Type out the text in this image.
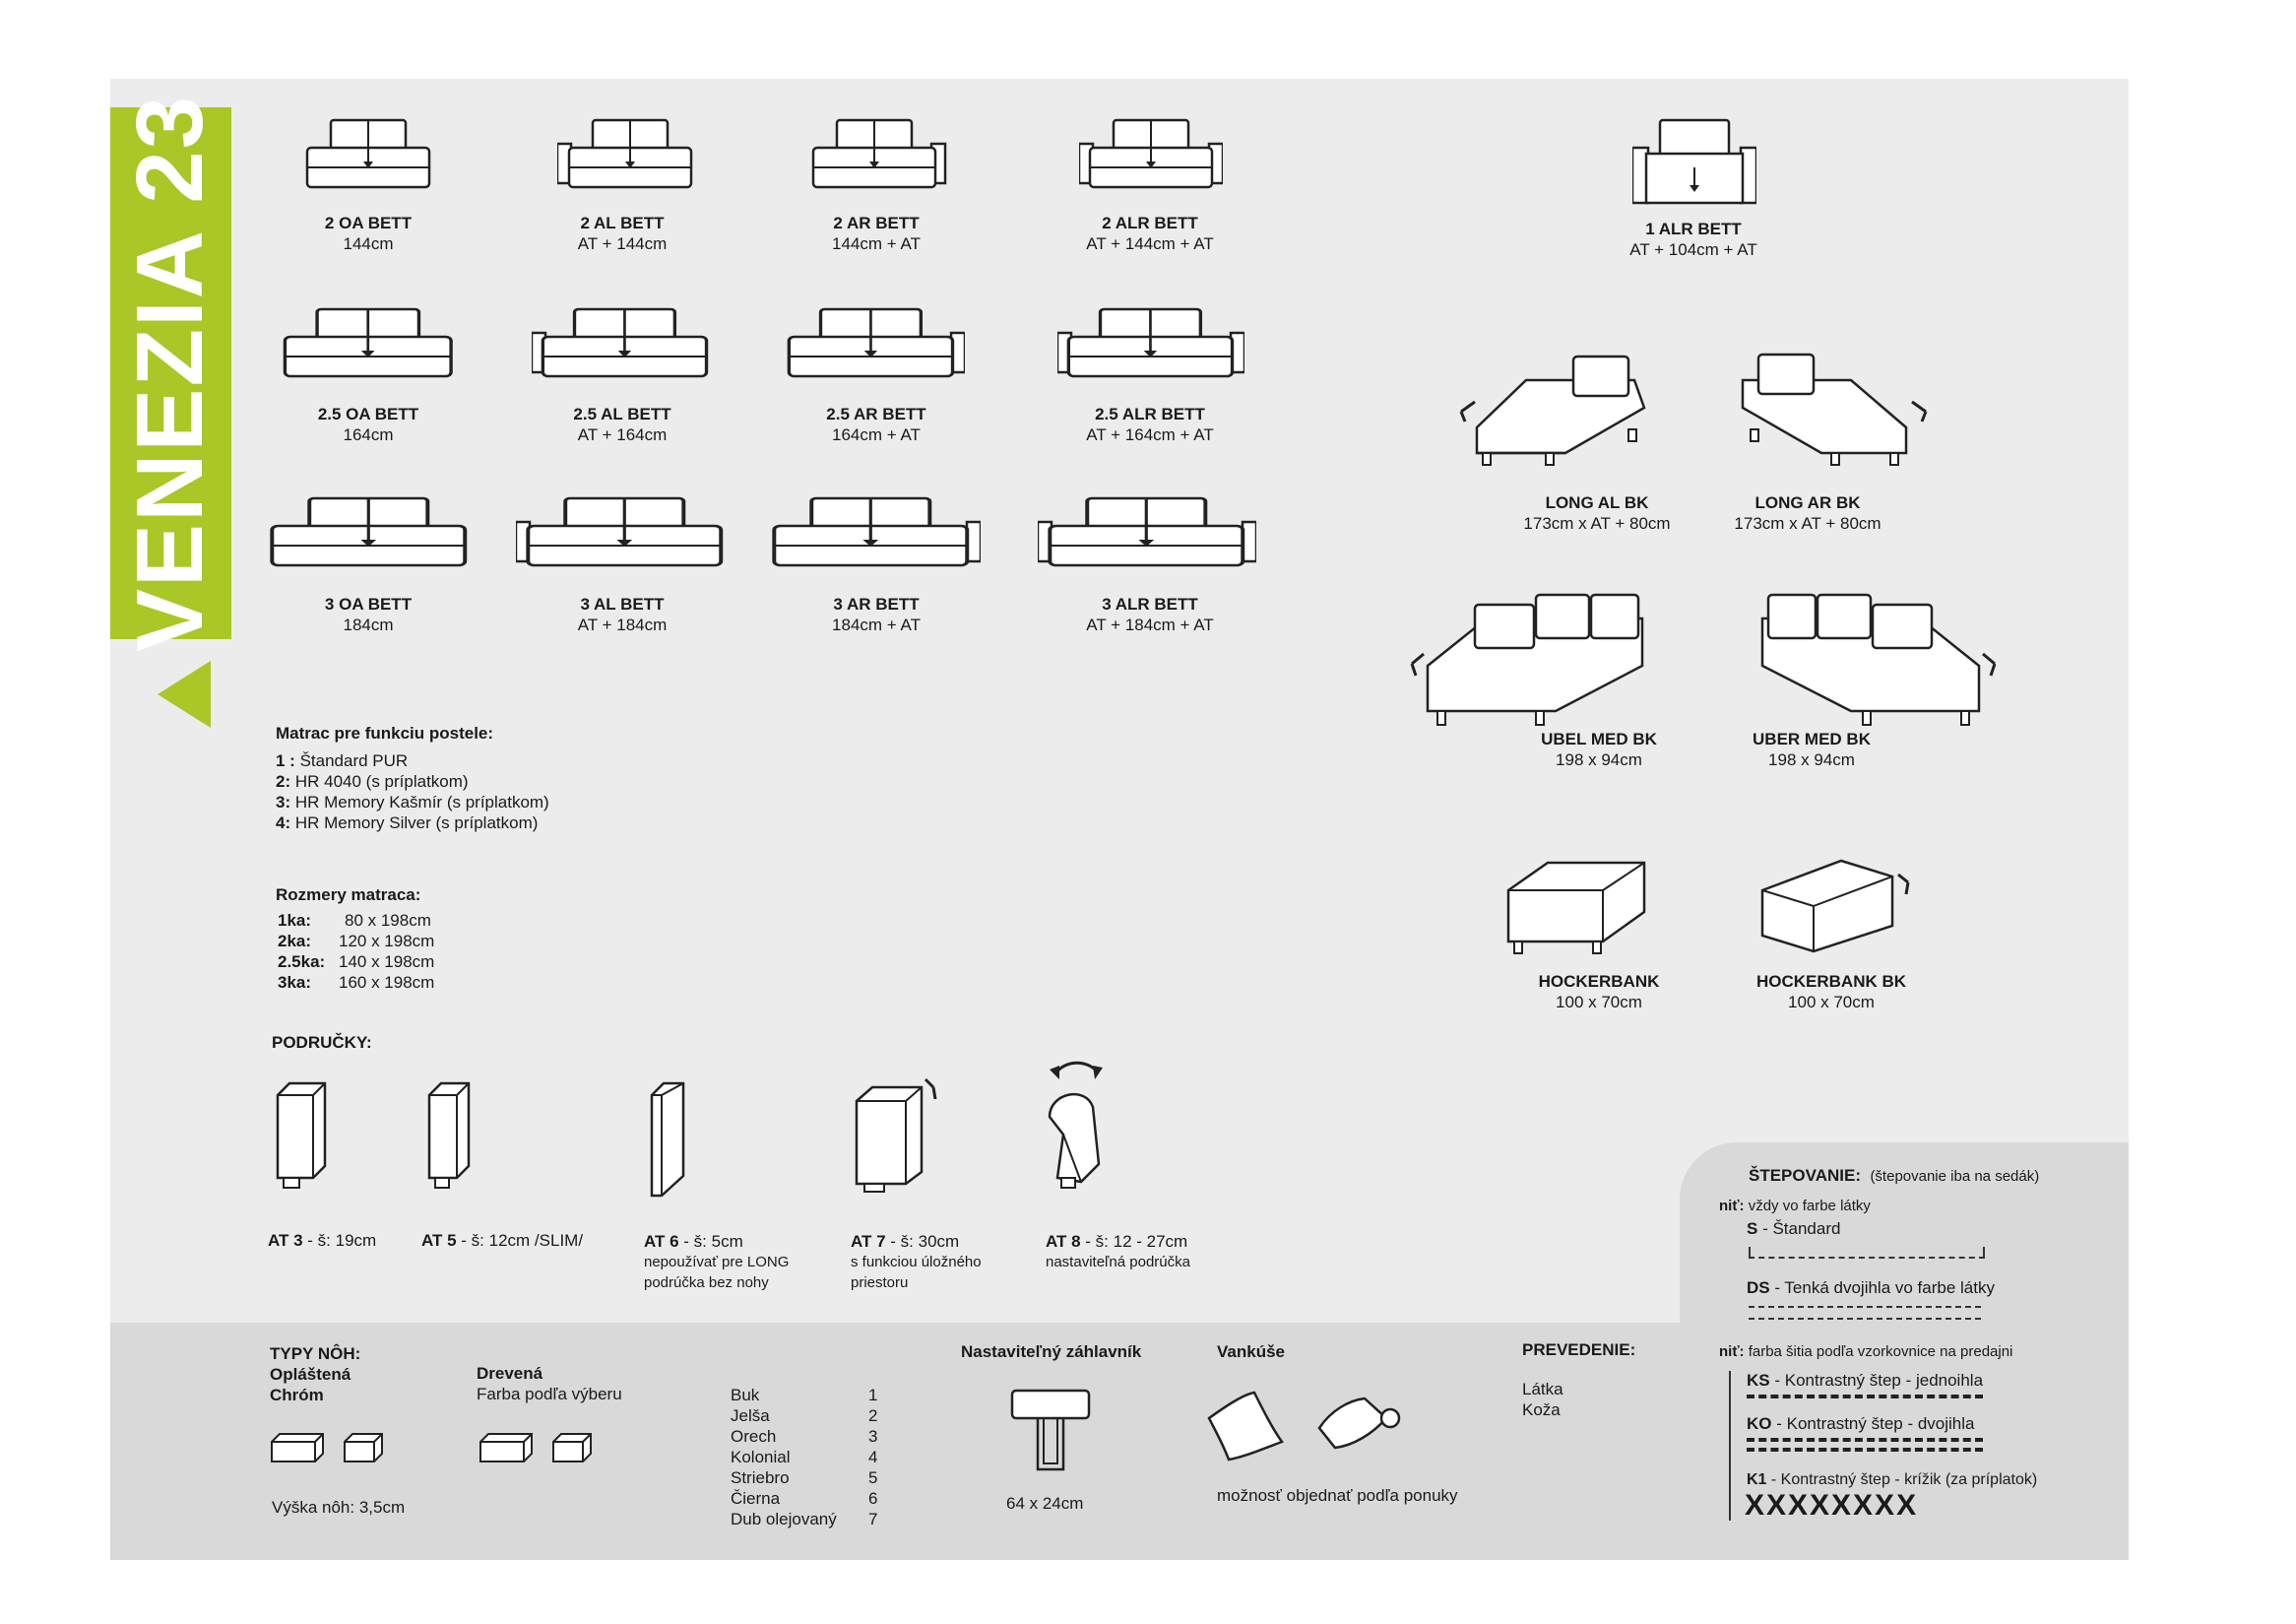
VENEZIA 23	2 OA BETT
144cm
2 AL BETT
AT + 144cm
2 AR BETT
144cm + AT
2 ALR BETT
AT + 144cm + AT
1 ALR BETT
AT + 104cm + AT
2.5 OA BETT
164cm
2.5 AL BETT
AT + 164cm
2.5 AR BETT
164cm + AT
2.5 ALR BETT
AT + 164cm + AT
3 OA BETT
184cm
3 AL BETT
AT + 184cm
3 AR BETT
184cm + AT
3 ALR BETT
AT + 184cm + AT
LONG AL BK
173cm x AT + 80cm
LONG AR BK
173cm x AT + 80cm
UBEL MED BK
198 x 94cm
UBER MED BK
198 x 94cm
HOCKERBANK
100 x 70cm
HOCKERBANK BK
100 x 70cm
Matrac pre funkciu postele:
1 : Štandard PUR
2: HR 4040 (s príplatkom)
3: HR Memory Kašmír (s príplatkom)
4: HR Memory Silver (s príplatkom)
Rozmery matraca:
1ka:	80 x 198cm
2ka:	120 x 198cm
2.5ka: 140 x 198cm
3ka:	160 x 198cm
PODRUČKY:
AT 3 - š: 19cm	AT 5 - š: 12cm /SLIM/	AT 6 - š: 5cm
nepoužívať pre LONG
podrúčka bez nohy
AT 7 - š: 30cm
s funkciou úložného
priestoru
AT 8 - š: 12 - 27cm
nastaviteľná podrúčka
TYPY NÔH:
Opláštená
Chróm
Výška nôh: 3,5cm
Drevená
Farba podľa výberu	Buk	1
Jelša	2
Orech	3
Kolonial	4
Striebro	5
Čierna	6
Dub olejovaný	7
Nastaviteľný záhlavník
64 x 24cm
Vankúše
možnosť objednať podľa ponuky
PREVEDENIE:
Látka
Koža
ŠTEPOVANIE: (štepovanie iba na sedák)
niť: vždy vo farbe látky
S - Štandard
DS - Tenká dvojihla vo farbe látky
niť: farba šitia podľa vzorkovnice na predajni
KS - Kontrastný štep - jednoihla
KO - Kontrastný štep - dvojihla
K1 - Kontrastný štep - krížik (za príplatok)
XXXXXXXX
